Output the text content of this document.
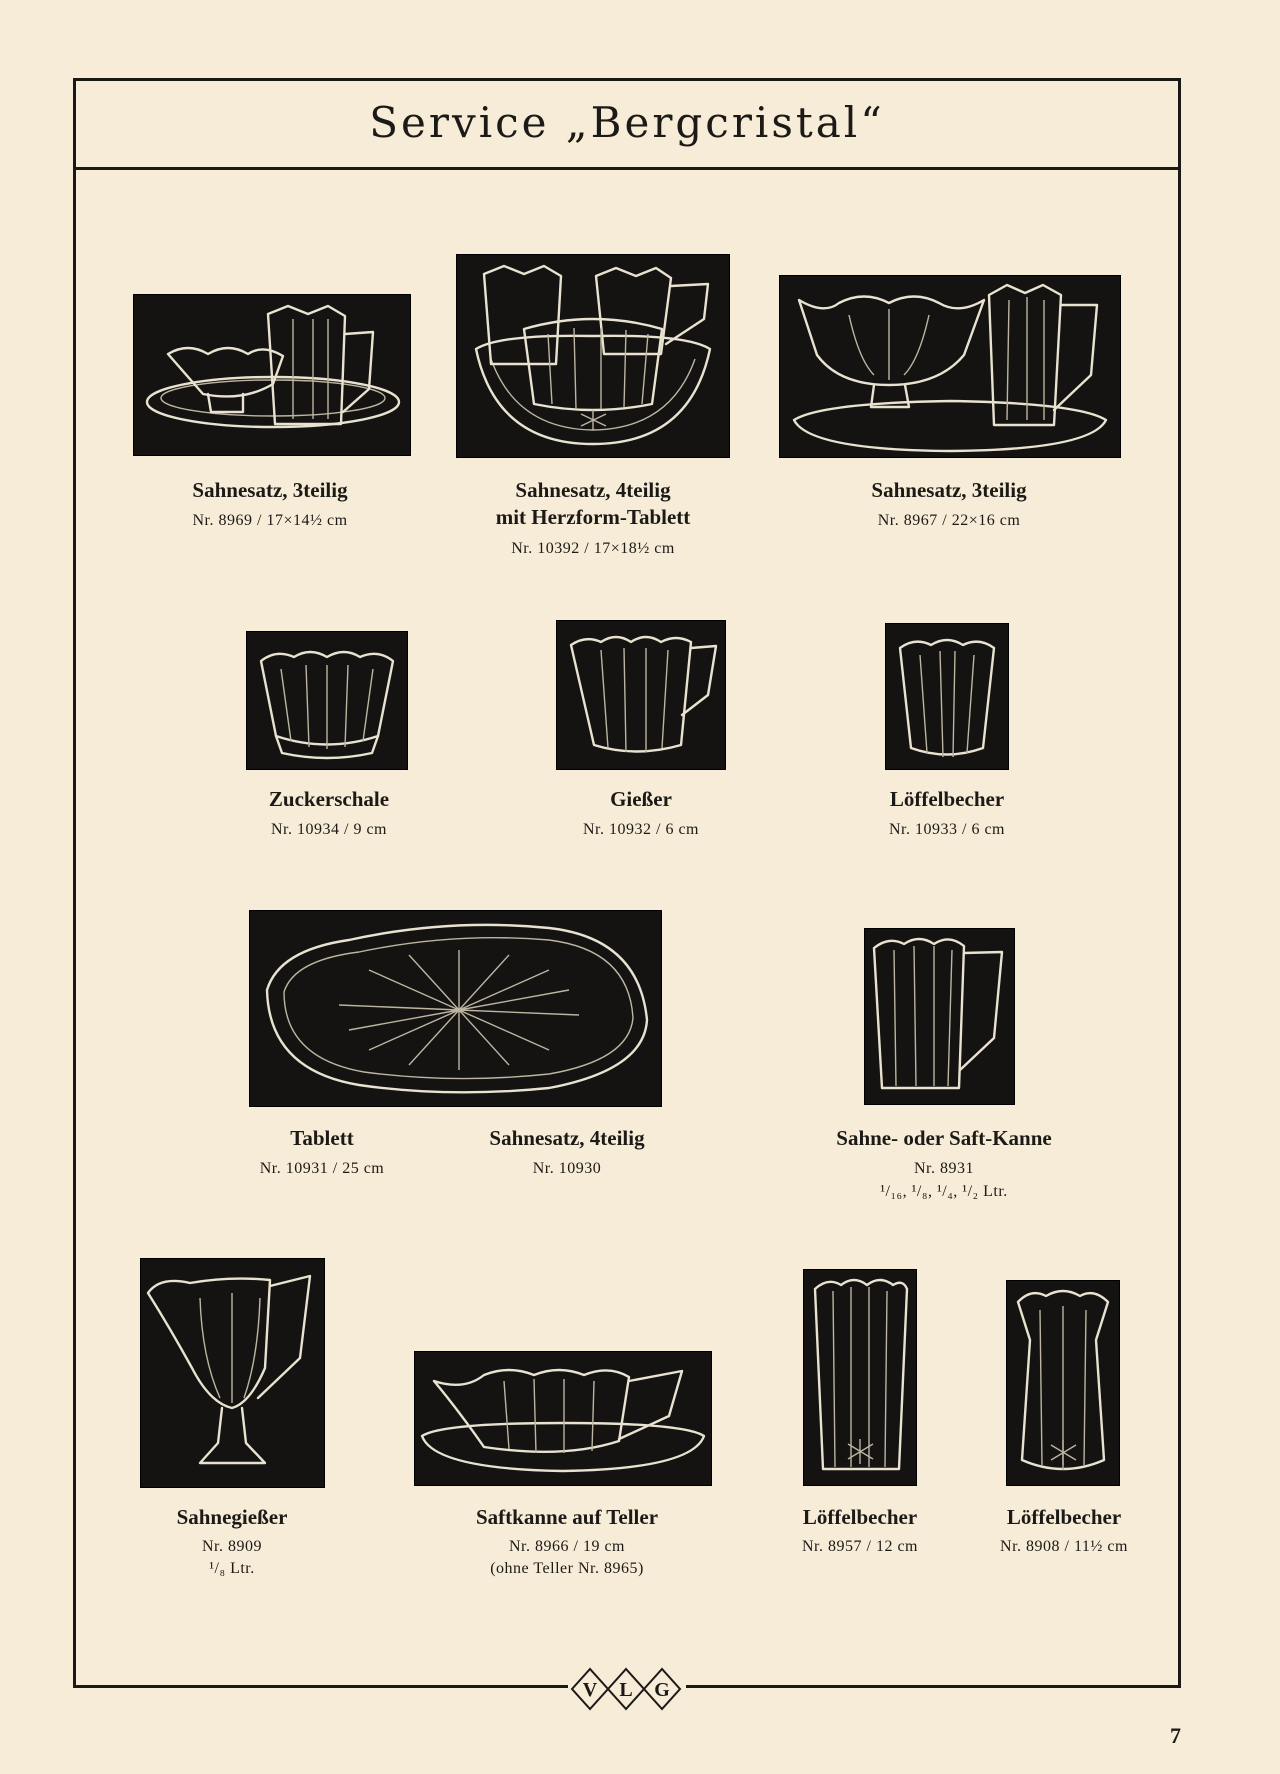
Service „Bergcristal“
Sahnesatz, 3teilig
Nr. 8969 / 17×14½ cm
Sahnesatz, 4teilig
mit Herzform-Tablett
Nr. 10392 / 17×18½ cm
Sahnesatz, 3teilig
Nr. 8967 / 22×16 cm
Zuckerschale
Nr. 10934 / 9 cm
Gießer
Nr. 10932 / 6 cm
Löffelbecher
Nr. 10933 / 6 cm
Tablett
Nr. 10931 / 25 cm
Sahnesatz, 4teilig
Nr. 10930
Sahne- oder Saft-Kanne
Nr. 8931
¹/₁₆, ¹/₈, ¹/₄, ¹/₂ Ltr.
Sahnegießer
Nr. 8909
¹/₈ Ltr.
Saftkanne auf Teller
Nr. 8966 / 19 cm
(ohne Teller Nr. 8965)
Löffelbecher
Nr. 8957 / 12 cm
Löffelbecher
Nr. 8908 / 11½ cm
V L G
7
